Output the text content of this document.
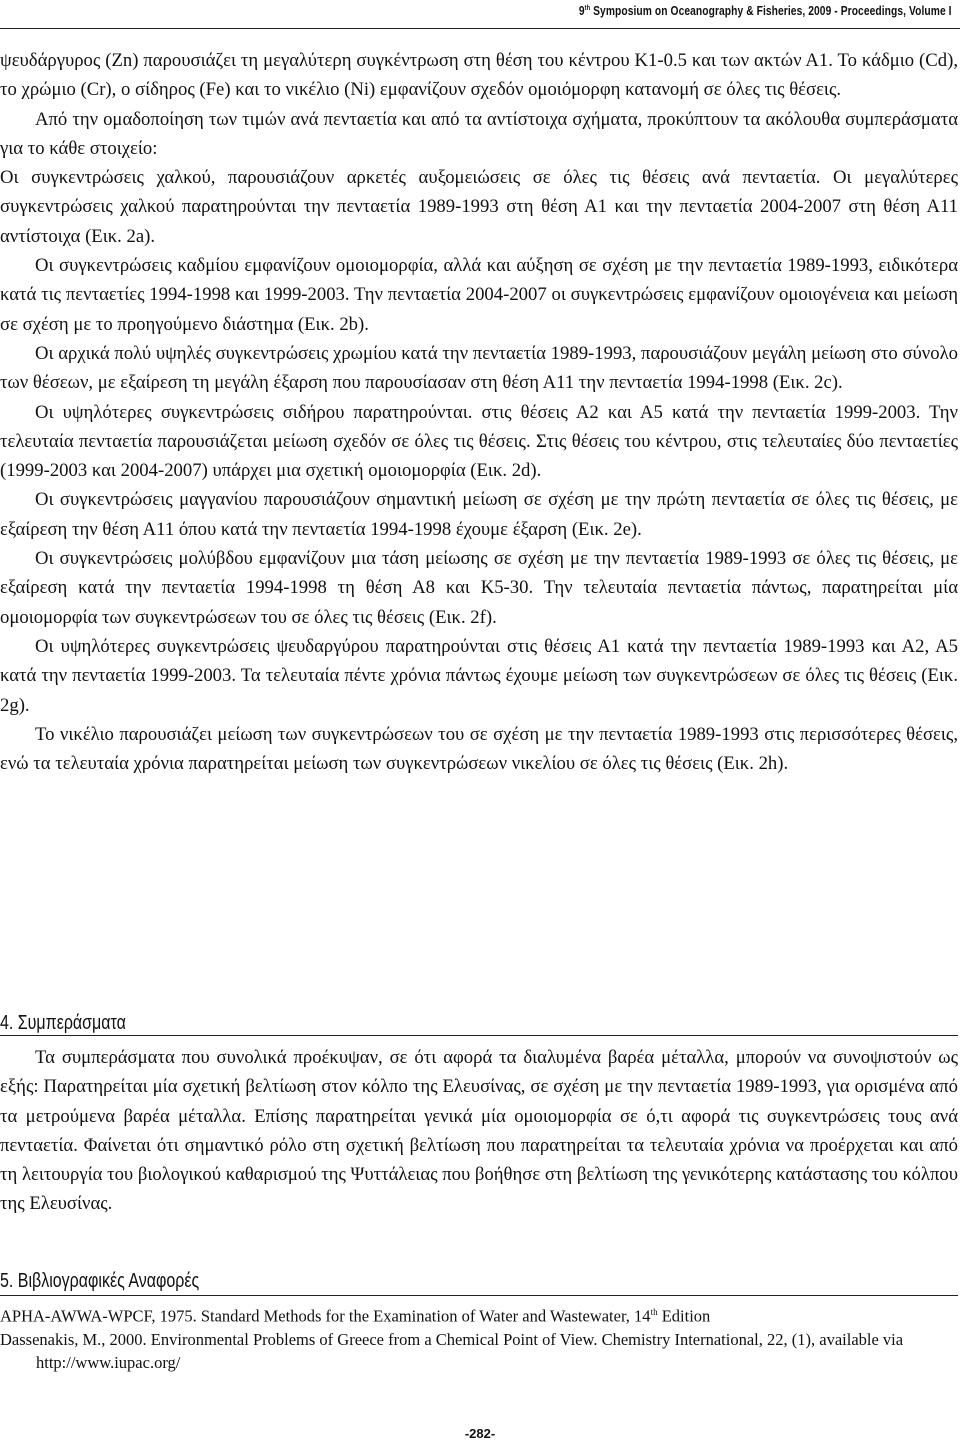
9th Symposium on Oceanography & Fisheries, 2009 - Proceedings, Volume I

ψευδάργυρος (Zn) παρουσιάζει τη μεγαλύτερη συγκέντρωση στη θέση του κέντρου Κ1-0.5 και των ακτών Α1. Το κάδμιο (Cd), το χρώμιο (Cr), ο σίδηρος (Fe) και το νικέλιο (Ni) εμφανίζουν σχεδόν ομοιόμορφη κατανομή σε όλες τις θέσεις.

Από την ομαδοποίηση των τιμών ανά πενταετία και από τα αντίστοιχα σχήματα, προκύπτουν τα ακόλουθα συμπεράσματα για το κάθε στοιχείο:

Οι συγκεντρώσεις χαλκού, παρουσιάζουν αρκετές αυξομειώσεις σε όλες τις θέσεις ανά πενταετία. Οι μεγαλύτερες συγκεντρώσεις χαλκού παρατηρούνται την πενταετία 1989-1993 στη θέση Α1 και την πενταετία 2004-2007 στη θέση Α11 αντίστοιχα (Εικ. 2a).

Οι συγκεντρώσεις καδμίου εμφανίζουν ομοιομορφία, αλλά και αύξηση σε σχέση με την πενταετία 1989-1993, ειδικότερα κατά τις πενταετίες 1994-1998 και 1999-2003. Την πενταετία 2004-2007 οι συγκεντρώσεις εμφανίζουν ομοιογένεια και μείωση σε σχέση με το προηγούμενο διάστημα (Εικ. 2b).

Οι αρχικά πολύ υψηλές συγκεντρώσεις χρωμίου κατά την πενταετία 1989-1993, παρουσιάζουν μεγάλη μείωση στο σύνολο των θέσεων, με εξαίρεση τη μεγάλη έξαρση που παρουσίασαν στη θέση Α11 την πενταετία 1994-1998 (Εικ. 2c).

Οι υψηλότερες συγκεντρώσεις σιδήρου παρατηρούνται. στις θέσεις Α2 και Α5 κατά την πενταετία 1999-2003. Την τελευταία πενταετία παρουσιάζεται μείωση σχεδόν σε όλες τις θέσεις. Στις θέσεις του κέντρου, στις τελευταίες δύο πενταετίες (1999-2003 και 2004-2007) υπάρχει μια σχετική ομοιομορφία (Εικ. 2d).

Οι συγκεντρώσεις μαγγανίου παρουσιάζουν σημαντική μείωση σε σχέση με την πρώτη πενταετία σε όλες τις θέσεις, με εξαίρεση την θέση Α11 όπου κατά την πενταετία 1994-1998 έχουμε έξαρση (Εικ. 2e).

Οι συγκεντρώσεις μολύβδου εμφανίζουν μια τάση μείωσης σε σχέση με την πενταετία 1989-1993 σε όλες τις θέσεις, με εξαίρεση κατά την πενταετία 1994-1998 τη θέση Α8 και Κ5-30. Την τελευταία πενταετία πάντως, παρατηρείται μία ομοιομορφία των συγκεντρώσεων του σε όλες τις θέσεις (Εικ. 2f).

Οι υψηλότερες συγκεντρώσεις ψευδαργύρου παρατηρούνται στις θέσεις Α1 κατά την πενταετία 1989-1993 και Α2, Α5 κατά την πενταετία 1999-2003. Τα τελευταία πέντε χρόνια πάντως έχουμε μείωση των συγκεντρώσεων σε όλες τις θέσεις (Εικ. 2g).

Το νικέλιο παρουσιάζει μείωση των συγκεντρώσεων του σε σχέση με την πενταετία 1989-1993 στις περισσότερες θέσεις, ενώ τα τελευταία χρόνια παρατηρείται μείωση των συγκεντρώσεων νικελίου σε όλες τις θέσεις (Εικ. 2h).

4. Συμπεράσματα

Τα συμπεράσματα που συνολικά προέκυψαν, σε ότι αφορά τα διαλυμένα βαρέα μέταλλα, μπορούν να συνοψιστούν ως εξής: Παρατηρείται μία σχετική βελτίωση στον κόλπο της Ελευσίνας, σε σχέση με την πενταετία 1989-1993, για ορισμένα από τα μετρούμενα βαρέα μέταλλα. Επίσης παρατηρείται γενικά μία ομοιομορφία σε ό,τι αφορά τις συγκεντρώσεις τους ανά πενταετία. Φαίνεται ότι σημαντικό ρόλο στη σχετική βελτίωση που παρατηρείται τα τελευταία χρόνια να προέρχεται και από τη λειτουργία του βιολογικού καθαρισμού της Ψυττάλειας που βοήθησε στη βελτίωση της γενικότερης κατάστασης του κόλπου της Ελευσίνας.

5. Βιβλιογραφικές Αναφορές
APHA-AWWA-WPCF, 1975. Standard Methods for the Examination of Water and Wastewater, 14th Edition
Dassenakis, M., 2000. Environmental Problems of Greece from a Chemical Point of View. Chemistry International, 22, (1), available via http://www.iupac.org/
-282-
